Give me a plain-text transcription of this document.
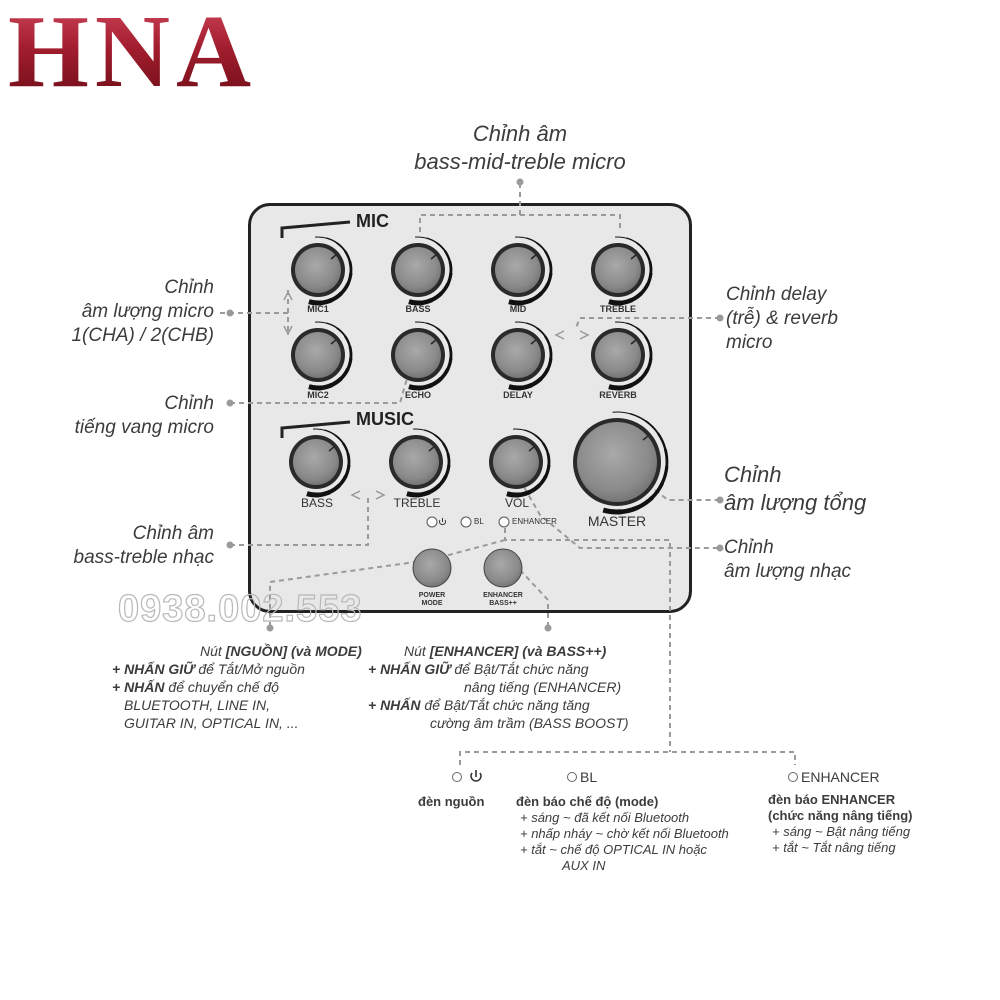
HNA
Chỉnh âm
bass-mid-treble micro
Chỉnh
âm lượng micro
1(CHA) / 2(CHB)
Chỉnh
tiếng vang micro
Chỉnh âm
bass-treble nhạc
Chỉnh delay
(trễ) & reverb
micro
Chỉnh
âm lượng tổng
Chỉnh
âm lượng nhạc
MIC
MUSIC
MIC1	BASS	MID	TREBLE
MIC2	ECHO	DELAY	REVERB
BASS	TREBLE	VOL
MASTER
BL	ENHANCER
POWER
MODE
ENHANCER
BASS++
0938.002.553
Nút [NGUỒN] (và MODE)
+ NHẤN GIỮ để Tắt/Mở nguồn
+ NHẤN để chuyển chế độ
BLUETOOTH, LINE IN,
GUITAR IN, OPTICAL IN, ...
Nút [ENHANCER] (và BASS++)
+ NHẤN GIỮ để Bật/Tắt chức năng
nâng tiếng (ENHANCER)
+ NHẤN để Bật/Tắt chức năng tăng
cường âm trầm (BASS BOOST)
đèn nguồn
BL
đèn báo chế độ (mode)
+ sáng ~ đã kết nối Bluetooth
+ nhấp nháy ~ chờ kết nối Bluetooth
+ tắt ~ chế độ OPTICAL IN hoặc
AUX IN
ENHANCER
đèn báo ENHANCER
(chức năng nâng tiếng)
+ sáng ~ Bật nâng tiếng
+ tắt ~ Tắt nâng tiếng
